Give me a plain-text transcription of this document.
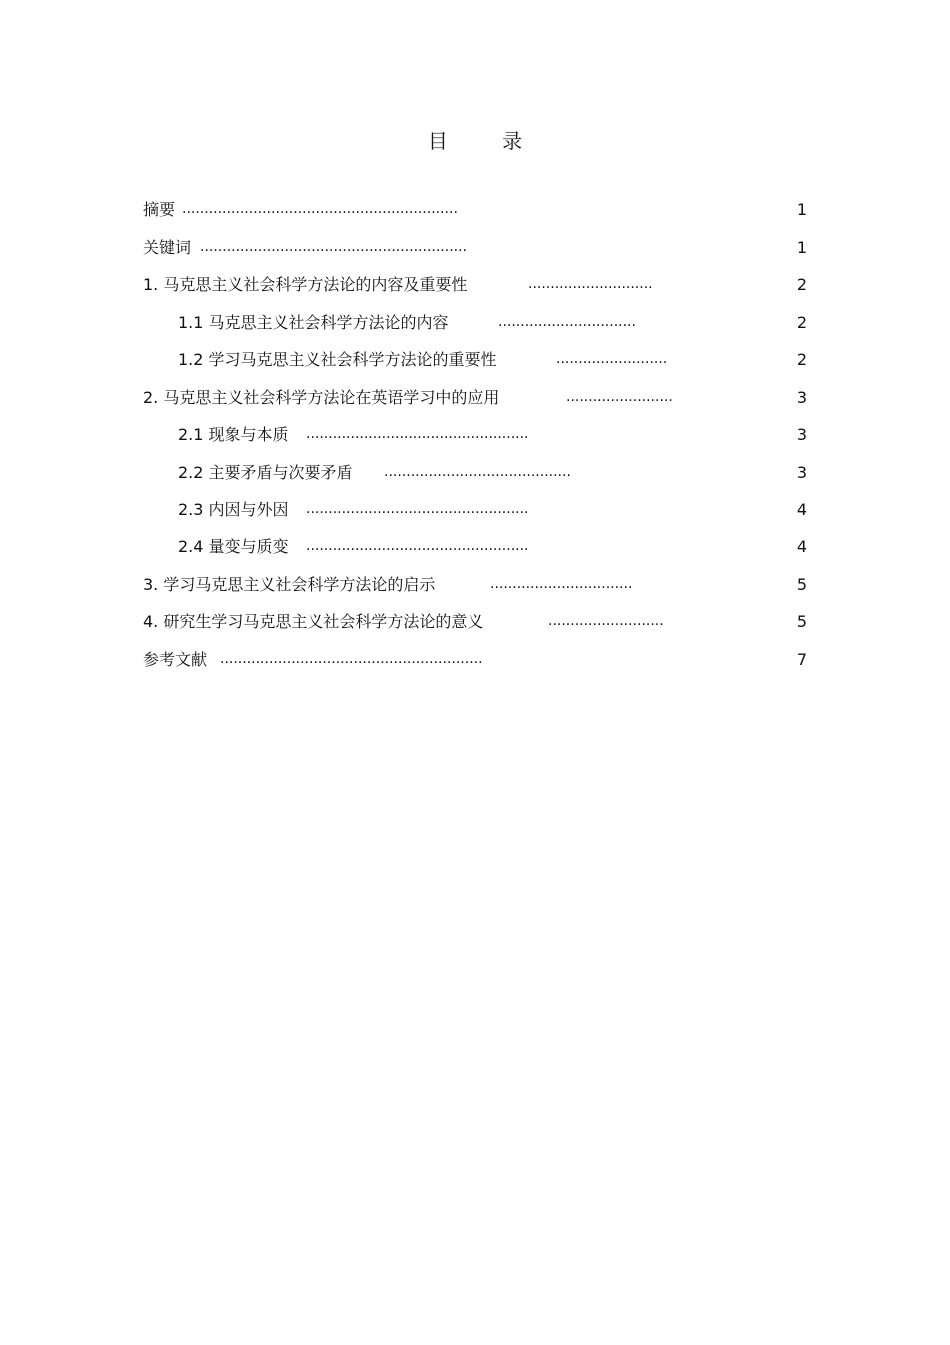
目 录
摘要 ..............................................................	1
关键词 ............................................................	1
1. 马克思主义社会科学方法论的内容及重要性	............................	2
1.1 马克思主义社会科学方法论的内容	...............................	2
1.2 学习马克思主义社会科学方法论的重要性	.........................	2
2. 马克思主义社会科学方法论在英语学习中的应用	........................	3
2.1 现象与本质 ..................................................	3
2.2 主要矛盾与次要矛盾 ..........................................	3
2.3 内因与外因 ..................................................	4
2.4 量变与质变 ..................................................	4
3. 学习马克思主义社会科学方法论的启示	................................	5
4. 研究生学习马克思主义社会科学方法论的意义	..........................	5
参考文献 ...........................................................	7
